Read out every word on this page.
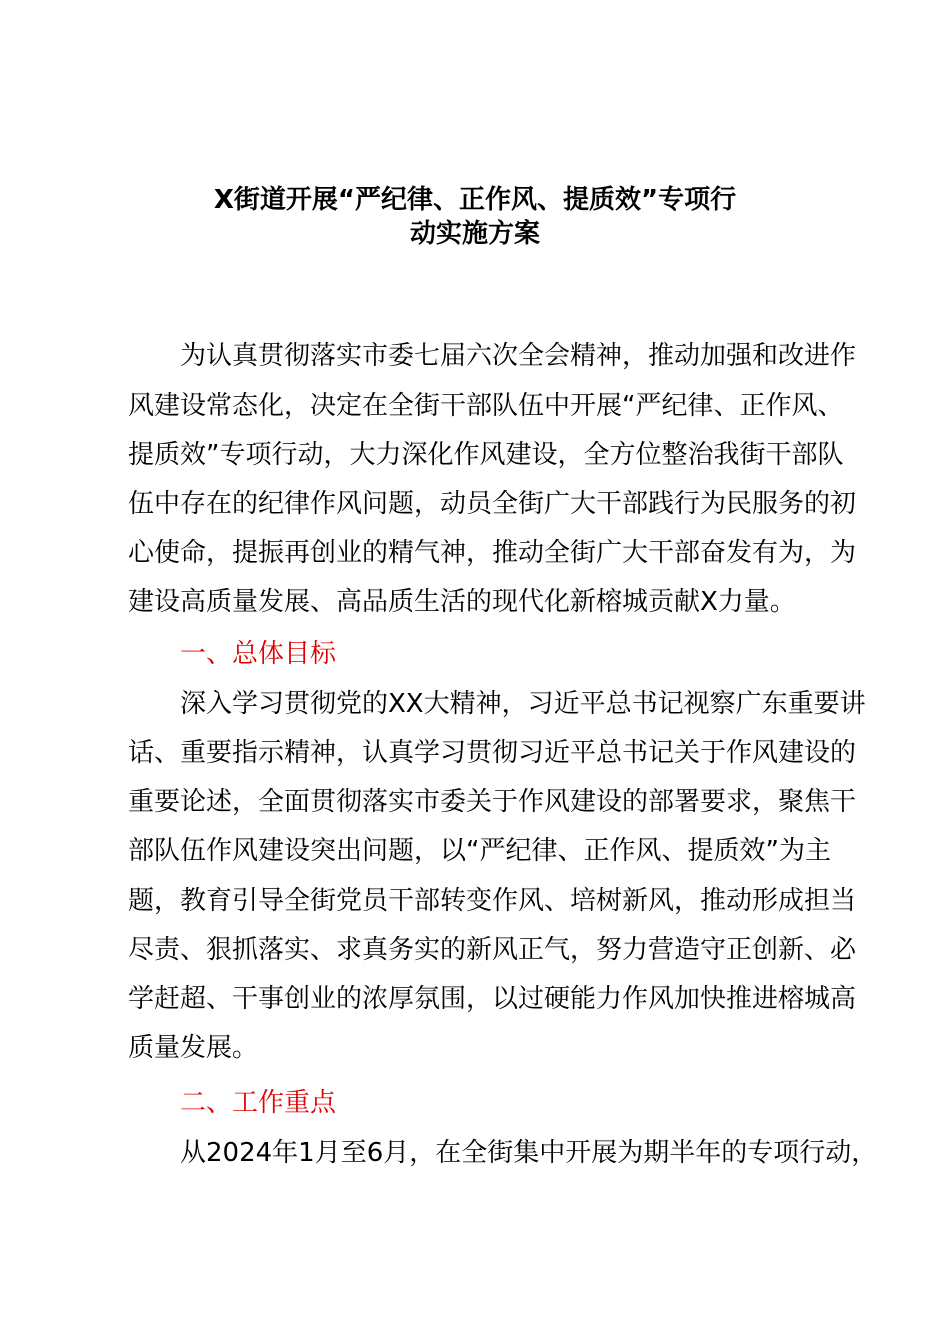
X街道开展“严纪律、正作风、提质效”专项行
动实施方案
为认真贯彻落实市委七届六次全会精神，推动加强和改进作
风建设常态化，决定在全街干部队伍中开展“严纪律、正作风、
提质效”专项行动，大力深化作风建设，全方位整治我街干部队
伍中存在的纪律作风问题，动员全街广大干部践行为民服务的初
心使命，提振再创业的精气神，推动全街广大干部奋发有为，为
建设高质量发展、高品质生活的现代化新榕城贡献X力量。
一、总体目标
深入学习贯彻党的XX大精神，习近平总书记视察广东重要讲
话、重要指示精神，认真学习贯彻习近平总书记关于作风建设的
重要论述，全面贯彻落实市委关于作风建设的部署要求，聚焦干
部队伍作风建设突出问题，以“严纪律、正作风、提质效”为主
题，教育引导全街党员干部转变作风、培树新风，推动形成担当
尽责、狠抓落实、求真务实的新风正气，努力营造守正创新、必
学赶超、干事创业的浓厚氛围，以过硬能力作风加快推进榕城高
质量发展。
二、工作重点
从2024年1月至6月，在全街集中开展为期半年的专项行动，
